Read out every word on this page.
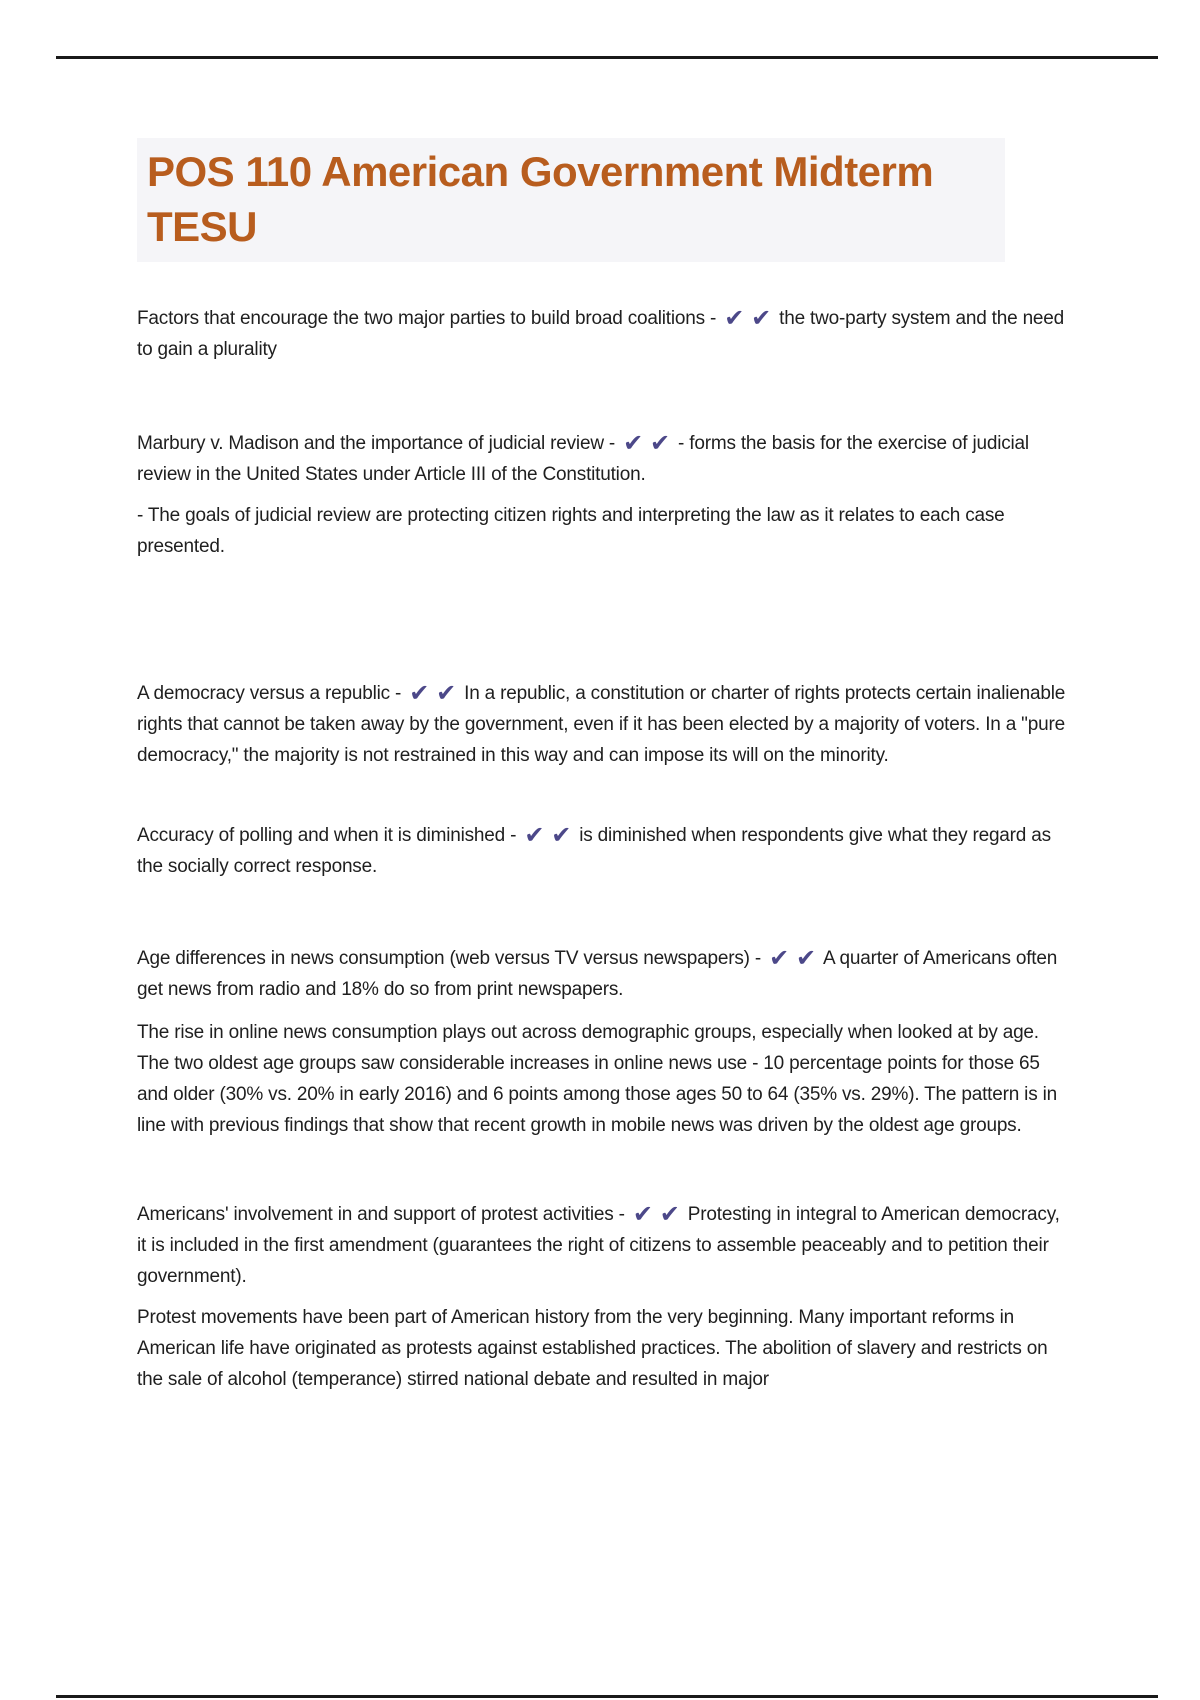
POS 110 American Government Midterm TESU

Factors that encourage the two major parties to build broad coalitions - ✔ ✔ the two-party system and the need to gain a plurality

Marbury v. Madison and the importance of judicial review - ✔ ✔ - forms the basis for the exercise of judicial review in the United States under Article III of the Constitution.

- The goals of judicial review are protecting citizen rights and interpreting the law as it relates to each case presented.

A democracy versus a republic - ✔ ✔ In a republic, a constitution or charter of rights protects certain inalienable rights that cannot be taken away by the government, even if it has been elected by a majority of voters. In a "pure democracy," the majority is not restrained in this way and can impose its will on the minority.

Accuracy of polling and when it is diminished - ✔ ✔ is diminished when respondents give what they regard as the socially correct response.

Age differences in news consumption (web versus TV versus newspapers) - ✔ ✔ A quarter of Americans often get news from radio and 18% do so from print newspapers.

The rise in online news consumption plays out across demographic groups, especially when looked at by age. The two oldest age groups saw considerable increases in online news use - 10 percentage points for those 65 and older (30% vs. 20% in early 2016) and 6 points among those ages 50 to 64 (35% vs. 29%). The pattern is in line with previous findings that show that recent growth in mobile news was driven by the oldest age groups.

Americans' involvement in and support of protest activities - ✔ ✔ Protesting in integral to American democracy, it is included in the first amendment (guarantees the right of citizens to assemble peaceably and to petition their government).

Protest movements have been part of American history from the very beginning. Many important reforms in American life have originated as protests against established practices. The abolition of slavery and restricts on the sale of alcohol (temperance) stirred national debate and resulted in major
